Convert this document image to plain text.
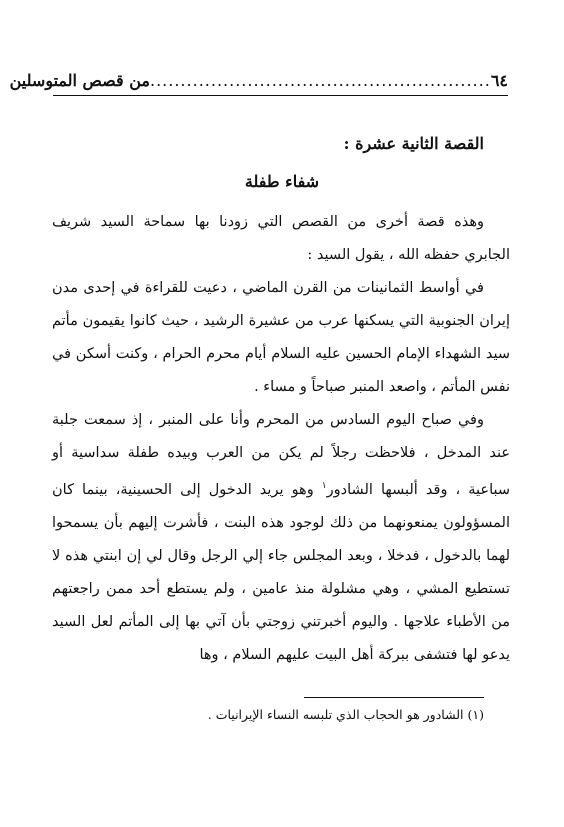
٦٤
........................................................
من قصص المتوسلين
القصة الثانية عشرة :
شفاء طفلة

وهذه قصة أخرى من القصص التي زودنا بها سماحة السيد شريف الجابري حفظه الله ، يقول السيد :

في أواسط الثمانينات من القرن الماضي ، دعيت للقراءة في إحدى مدن إيران الجنوبية التي يسكنها عرب من عشيرة الرشيد ، حيث كانوا يقيمون مأتم سيد الشهداء الإمام الحسين عليه السلام أيام محرم الحرام ، وكنت أسكن في نفس المأتم ، واصعد المنبر صباحاً و مساء .

وفي صباح اليوم السادس من المحرم وأنا على المنبر ، إذ سمعت جلبة عند المدخل ، فلاحظت رجلاً لم يكن من العرب وبيده طفلة سداسية أو سباعية ، وقد ألبسها الشادور$^١$ وهو يريد الدخول إلى الحسينية، بينما كان المسؤولون يمنعونهما من ذلك لوجود هذه البنت ، فأشرت إليهم بأن يسمحوا لهما بالدخول ، فدخلا ، وبعد المجلس جاء إلي الرجل وقال لي إن ابنتي هذه لا تستطيع المشي ، وهي مشلولة منذ عامين ، ولم يستطع أحد ممن راجعتهم من الأطباء علاجها . واليوم أخبرتني زوجتي بأن آتي بها إلى المأتم لعل السيد يدعو لها فتشفى ببركة أهل البيت عليهم السلام ، وها

(١) الشادور هو الحجاب الذي تلبسه النساء الإيرانيات .
